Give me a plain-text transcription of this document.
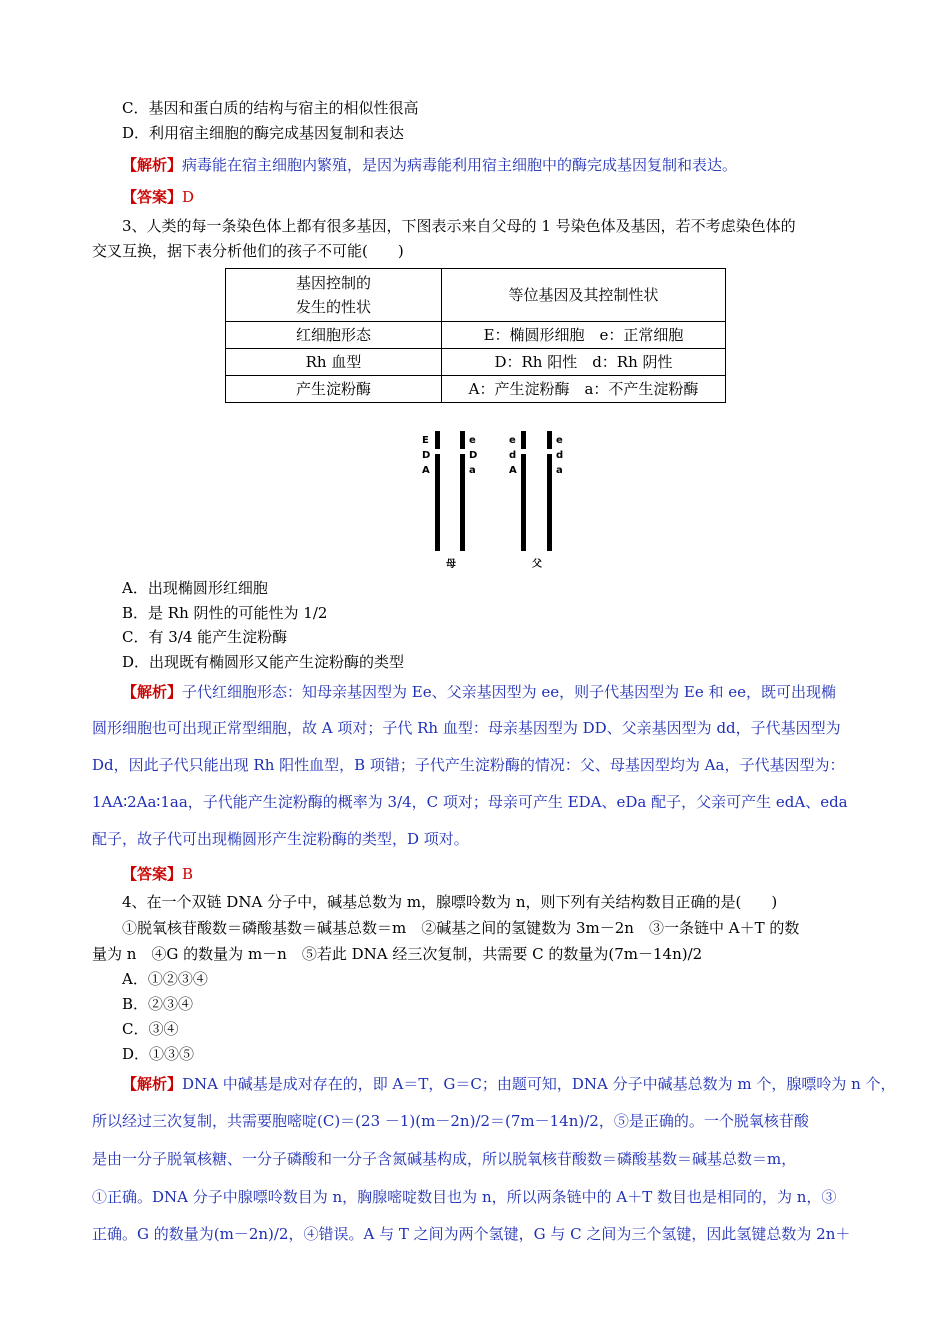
C．基因和蛋白质的结构与宿主的相似性很高
D．利用宿主细胞的酶完成基因复制和表达
【解析】病毒能在宿主细胞内繁殖，是因为病毒能利用宿主细胞中的酶完成基因复制和表达。
【答案】D
3、人类的每一条染色体上都有很多基因，下图表示来自父母的 1 号染色体及基因，若不考虑染色体的
交叉互换，据下表分析他们的孩子不可能(　　)
基因控制的
发生的性状	等位基因及其控制性状
红细胞形态	E：椭圆形细胞　e：正常细胞
Rh 血型	D：Rh 阳性　d：Rh 阴性
产生淀粉酶	A：产生淀粉酶　a：不产生淀粉酶
E
D
A
e
D
a
e
d
A
e
d
a
母	父
A．出现椭圆形红细胞
B．是 Rh 阴性的可能性为 1/2
C．有 3/4 能产生淀粉酶
D．出现既有椭圆形又能产生淀粉酶的类型
【解析】子代红细胞形态：知母亲基因型为 Ee、父亲基因型为 ee，则子代基因型为 Ee 和 ee，既可出现椭
圆形细胞也可出现正常型细胞，故 A 项对；子代 Rh 血型：母亲基因型为 DD、父亲基因型为 dd，子代基因型为
Dd，因此子代只能出现 Rh 阳性血型，B 项错；子代产生淀粉酶的情况：父、母基因型均为 Aa，子代基因型为：
1AA∶2Aa∶1aa，子代能产生淀粉酶的概率为 3/4，C 项对；母亲可产生 EDA、eDa 配子，父亲可产生 edA、eda
配子，故子代可出现椭圆形产生淀粉酶的类型，D 项对。
【答案】B
4、在一个双链 DNA 分子中，碱基总数为 m，腺嘌呤数为 n，则下列有关结构数目正确的是(　　)
①脱氧核苷酸数＝磷酸基数＝碱基总数＝m　②碱基之间的氢键数为 3m－2n　③一条链中 A＋T 的数
量为 n　④G 的数量为 m－n　⑤若此 DNA 经三次复制，共需要 C 的数量为(7m－14n)/2
A．①②③④
B．②③④
C．③④
D．①③⑤
【解析】DNA 中碱基是成对存在的，即 A＝T，G＝C；由题可知，DNA 分子中碱基总数为 m 个，腺嘌呤为 n 个，
所以经过三次复制，共需要胞嘧啶(C)＝(23 －1)(m－2n)/2＝(7m－14n)/2，⑤是正确的。一个脱氧核苷酸
是由一分子脱氧核糖、一分子磷酸和一分子含氮碱基构成，所以脱氧核苷酸数＝磷酸基数＝碱基总数＝m，
①正确。DNA 分子中腺嘌呤数目为 n，胸腺嘧啶数目也为 n，所以两条链中的 A＋T 数目也是相同的，为 n，③
正确。G 的数量为(m－2n)/2，④错误。A 与 T 之间为两个氢键，G 与 C 之间为三个氢键，因此氢键总数为 2n＋
